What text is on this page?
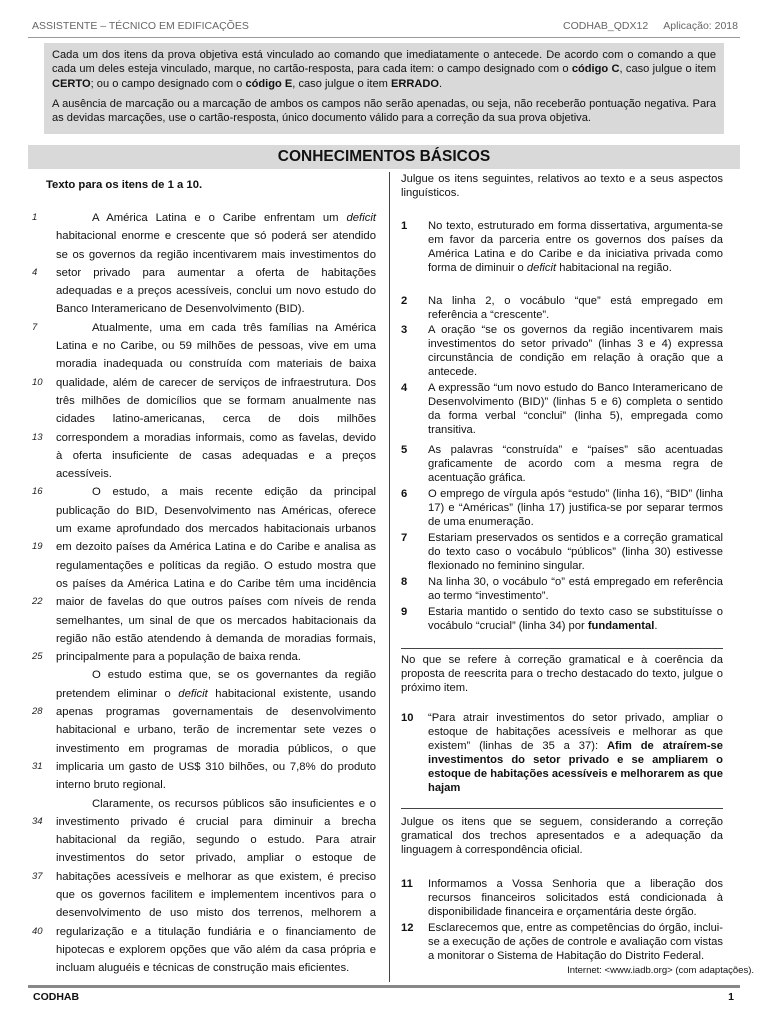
ASSISTENTE – TÉCNICO EM EDIFICAÇÕES	CODHAB_QDX12 Aplicação: 2018

Cada um dos itens da prova objetiva está vinculado ao comando que imediatamente o antecede. De acordo com o comando a que cada um deles esteja vinculado, marque, no cartão-resposta, para cada item: o campo designado com o código C, caso julgue o item CERTO; ou o campo designado com o código E, caso julgue o item ERRADO.

A ausência de marcação ou a marcação de ambos os campos não serão apenadas, ou seja, não receberão pontuação negativa. Para as devidas marcações, use o cartão-resposta, único documento válido para a correção da sua prova objetiva.

CONHECIMENTOS BÁSICOS
Texto para os itens de 1 a 10.
1	A América Latina e o Caribe enfrentam um deficit
habitacional enorme e crescente que só poderá ser atendido
se os governos da região incentivarem mais investimentos do
4	setor privado para aumentar a oferta de habitações
adequadas e a preços acessíveis, conclui um novo estudo do
Banco Interamericano de Desenvolvimento (BID).
7	Atualmente, uma em cada três famílias na América
Latina e no Caribe, ou 59 milhões de pessoas, vive em uma
moradia inadequada ou construída com materiais de baixa
10	qualidade, além de carecer de serviços de infraestrutura. Dos
três milhões de domicílios que se formam anualmente nas
cidades latino-americanas, cerca de dois milhões
13	correspondem a moradias informais, como as favelas, devido
à oferta insuficiente de casas adequadas e a preços
acessíveis.
16	O estudo, a mais recente edição da principal
publicação do BID, Desenvolvimento nas Américas, oferece
um exame aprofundado dos mercados habitacionais urbanos
19	em dezoito países da América Latina e do Caribe e analisa as
regulamentações e políticas da região. O estudo mostra que
os países da América Latina e do Caribe têm uma incidência
22	maior de favelas do que outros países com níveis de renda
semelhantes, um sinal de que os mercados habitacionais da
região não estão atendendo à demanda de moradias formais,
25	principalmente para a população de baixa renda.
O estudo estima que, se os governantes da região
pretendem eliminar o deficit habitacional existente, usando
28	apenas programas governamentais de desenvolvimento
habitacional e urbano, terão de incrementar sete vezes o
investimento em programas de moradia públicos, o que
31	implicaria um gasto de US$ 310 bilhões, ou 7,8% do produto
interno bruto regional.
Claramente, os recursos públicos são insuficientes e o
34	investimento privado é crucial para diminuir a brecha
habitacional da região, segundo o estudo. Para atrair
investimentos do setor privado, ampliar o estoque de
37	habitações acessíveis e melhorar as que existem, é preciso
que os governos facilitem e implementem incentivos para o
desenvolvimento de uso misto dos terrenos, melhorem a
40	regularização e a titulação fundiária e o financiamento de
hipotecas e explorem opções que vão além da casa própria e
incluam aluguéis e técnicas de construção mais eficientes.	Internet: <www.iadb.org> (com adaptações).
Julgue os itens seguintes, relativos ao texto e a seus aspectos linguísticos.
1 No texto, estruturado em forma dissertativa, argumenta-se em favor da parceria entre os governos dos países da América Latina e do Caribe e da iniciativa privada como forma de diminuir o deficit habitacional na região.
2 Na linha 2, o vocábulo “que” está empregado em referência a “crescente”.
3 A oração “se os governos da região incentivarem mais investimentos do setor privado” (linhas 3 e 4) expressa circunstância de condição em relação à oração que a antecede.
4 A expressão “um novo estudo do Banco Interamericano de Desenvolvimento (BID)” (linhas 5 e 6) completa o sentido da forma verbal “conclui” (linha 5), empregada como transitiva.
5 As palavras “construída” e “países” são acentuadas graficamente de acordo com a mesma regra de acentuação gráfica.
6 O emprego de vírgula após “estudo” (linha 16), “BID” (linha 17) e “Américas” (linha 17) justifica-se por separar termos de uma enumeração.
7 Estariam preservados os sentidos e a correção gramatical do texto caso o vocábulo “públicos” (linha 30) estivesse flexionado no feminino singular.
8 Na linha 30, o vocábulo “o” está empregado em referência ao termo “investimento”.
9 Estaria mantido o sentido do texto caso se substituísse o vocábulo “crucial” (linha 34) por fundamental.
No que se refere à correção gramatical e à coerência da proposta de reescrita para o trecho destacado do texto, julgue o próximo item.
10 “Para atrair investimentos do setor privado, ampliar o estoque de habitações acessíveis e melhorar as que existem” (linhas de 35 a 37): Afim de atraírem-se investimentos do setor privado e se ampliarem o estoque de habitações acessíveis e melhorarem as que hajam
Julgue os itens que se seguem, considerando a correção gramatical dos trechos apresentados e a adequação da linguagem à correspondência oficial.
11 Informamos a Vossa Senhoria que a liberação dos recursos financeiros solicitados está condicionada à disponibilidade financeira e orçamentária deste órgão.
12 Esclarecemos que, entre as competências do órgão, inclui-se a execução de ações de controle e avaliação com vistas a monitorar o Sistema de Habitação do Distrito Federal.
CODHAB	1
